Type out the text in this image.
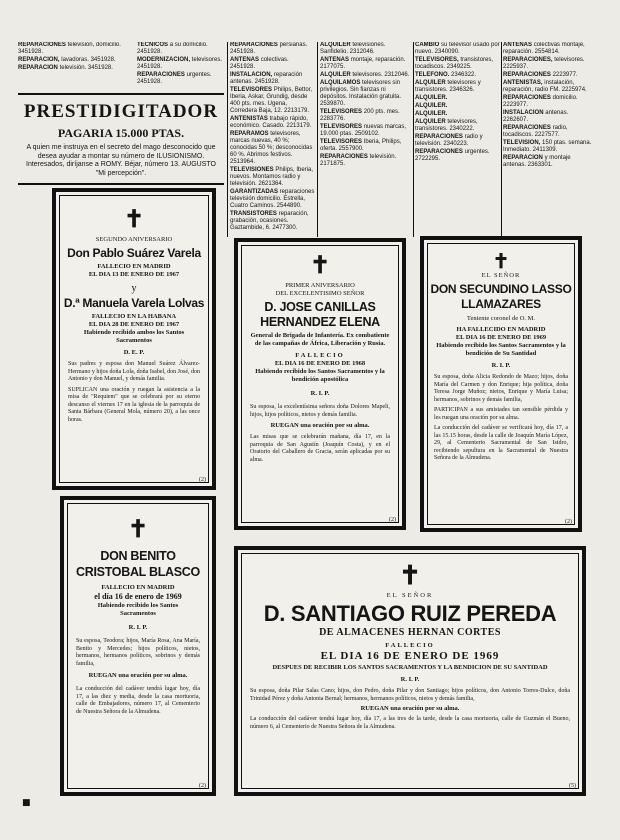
REPARACIONES televisión, domicilio. 3451928.

REPARACION, lavadoras. 3451928.

REPARACION televisión. 3451928.

TECNICOS a su domicilio. 2451928.

MODERNIZACION, televisores. 2451928.

REPARACIONES urgentes. 2451928.

REPARACIONES persianas. 2451928.

ANTENAS colectivas. 2451928.

INSTALACION, reparación antenas. 2451928.

TELEVISORES Philips, Bettor, Iberia, Askar, Grundig, desde 400 pts. mes. Ugena, Corredera Baja, 12. 2213179.

ANTENISTAS trabajo rápido, económico. Casado. 2213179.

REPARAMOS televisores, marcas nuevas, 40 %; conocidas 50 %; desconocidas 60 %. Abrimos festivos. 2513964.

TELEVISIONES Philips, Iberia, nuevos. Montamos radio y televisión. 2621364.

GARANTIZADAS reparaciones televisión domicilio. Estrella, Cuatro Caminos. 2544890.

TRANSISTORES reparación, grabación, ocasiones. Gaztambide, 6. 2477300.

ALQUILER televisiones. Sanfidelio. 2312046.

ANTENAS montaje, reparación. 2177075.

ALQUILER televisores. 2312046.

ALQUILAMOS televisores sin privilegios. Sin fianzas ni depósitos. Instalación gratuita. 2539870.

TELEVISORES 200 pts. mes. 2283776.

TELEVISORES nuevas marcas, 19.000 ptas. 2509102.

TELEVISORES Iberia, Philips, oferta. 2557900.

REPARACIONES televisión. 2171875.

CAMBIO su televisor usado por nuevo. 2340090.

TELEVISORES, transistores, tocadiscos. 2349225.

TELEFONO. 2346322.

ALQUILER televisores y transistores. 2346326.

ALQUILER.

ALQUILER.

ALQUILER.

ALQUILER televisores, transistores. 2340222.

REPARACIONES radio y televisión. 2340223.

REPARACIONES urgentes. 2722295.

ANTENAS colectivas montaje, reparación. 2554814.

REPARACIONES, televisores. 2225937.

REPARACIONES 2223977.

ANTENISTAS, instalación, reparación, radio FM. 2225974.

REPARACIONES domicilio. 2223977.

INSTALACION antenas. 2262607.

REPARACIONES radio, tocadiscos. 2227577.

TELEVISION, 150 ptas. semana. Inmediato. 2411309.

REPARACION y montaje antenas. 2363301.

PRESTIDIGITADOR
PAGARIA 15.000 PTAS.
A quien me instruya en el secreto del mago desconocido que desea ayudar a montar su número de ILUSIONISMO. Interesados, diríjanse a ROMY. Béjar, número 13. AUGUSTO "Mi percepción".
✝
SEGUNDO ANIVERSARIO
Don Pablo Suárez Varela
FALLECIO EN MADRID
EL DIA 13 DE ENERO DE 1967
y
D.ª Manuela Varela Lolvas
FALLECIO EN LA HABANA
EL DIA 28 DE ENERO DE 1967
Habiendo recibido ambos los Santos Sacramentos
D. E. P.
Sus padres y esposa don Manuel Suárez Álvarez-Hermano y hijos doña Lola, doña Isabel, don José, don Antonio y don Manuel, y demás familia.
SUPLICAN una oración y ruegan la asistencia a la misa de "Requiem" que se celebrará por su eterno descanso el viernes 17 en la iglesia de la parroquia de Santa Bárbara (General Mola, número 20), a las once horas.
(2)
✝
PRIMER ANIVERSARIO
DEL EXCELENTISIMO SEÑOR
D. JOSE CANILLAS HERNANDEZ ELENA
General de Brigada de Infantería. Ex combatiente de las campañas de África, Liberación y Rusia.
FALLECIO
EL DIA 16 DE ENERO DE 1968
Habiendo recibido los Santos Sacramentos y la bendición apostólica
R. I. P.
Su esposa, la excelentísima señora doña Dolores Mapeli, hijos, hijos políticos, nietos y demás familia.
RUEGAN una oración por su alma.
Las misas que se celebrarán mañana, día 17, en la parroquia de San Agustín (Joaquín Costa), y en el Oratorio del Caballero de Gracia, serán aplicadas por su alma.
(2)
✝
EL SEÑOR
DON SECUNDINO LASSO LLAMAZARES
Teniente coronel de O. M.
HA FALLECIDO EN MADRID
EL DIA 16 DE ENERO DE 1969
Habiendo recibido los Santos Sacramentos y la bendición de Su Santidad
R. I. P.
Su esposa, doña Alicia Redondo de Mazo; hijos, doña María del Carmen y don Enrique; hija política, doña Teresa Jorge Muñoz; nietos, Enrique y María Luisa; hermanos, sobrinos y demás familia,
PARTICIPAN a sus amistades tan sensible pérdida y les ruegan una oración por su alma.
La conducción del cadáver se verificará hoy, día 17, a las 15.15 horas, desde la calle de Joaquín María López, 29, al Cementerio Sacramental de San Isidro, recibiendo sepultura en la Sacramental de Nuestra Señora de la Almudena.
(2)
✝
DON BENITO CRISTOBAL BLASCO
FALLECIO EN MADRID
el día 16 de enero de 1969
Habiendo recibido los Santos Sacramentos
R. I. P.
Su esposa, Teodora; hijos, María Rosa, Ana María, Benito y Mercedes; hijos políticos, nietos, hermanos, hermanos políticos, sobrinos y demás familia,
RUEGAN una oración por su alma.
La conducción del cadáver tendrá lugar hoy, día 17, a las diez y media, desde la casa mortuoria, calle de Embajadores, número 17, al Cementerio de Nuestra Señora de la Almudena.
(2)
✝
EL SEÑOR
D. SANTIAGO RUIZ PEREDA
DE ALMACENES HERNAN CORTES
FALLECIO
EL DIA 16 DE ENERO DE 1969
DESPUES DE RECIBIR LOS SANTOS SACRAMENTOS Y LA BENDICION DE SU SANTIDAD
R. I. P.
Su esposa, doña Pilar Salas Cano; hijos, don Pedro, doña Pilar y don Santiago; hijos políticos, don Antonio Torres-Dulce, doña Trinidad Pérez y doña Antonia Bernal; hermanos, hermanos políticos, nietos y demás familia,
RUEGAN una oración por su alma.
La conducción del cadáver tendrá lugar hoy, día 17, a las tres de la tarde, desde la casa mortuoria, calle de Guzmán el Bueno, número 6, al Cementerio de Nuestra Señora de la Almudena.
(5)
■
